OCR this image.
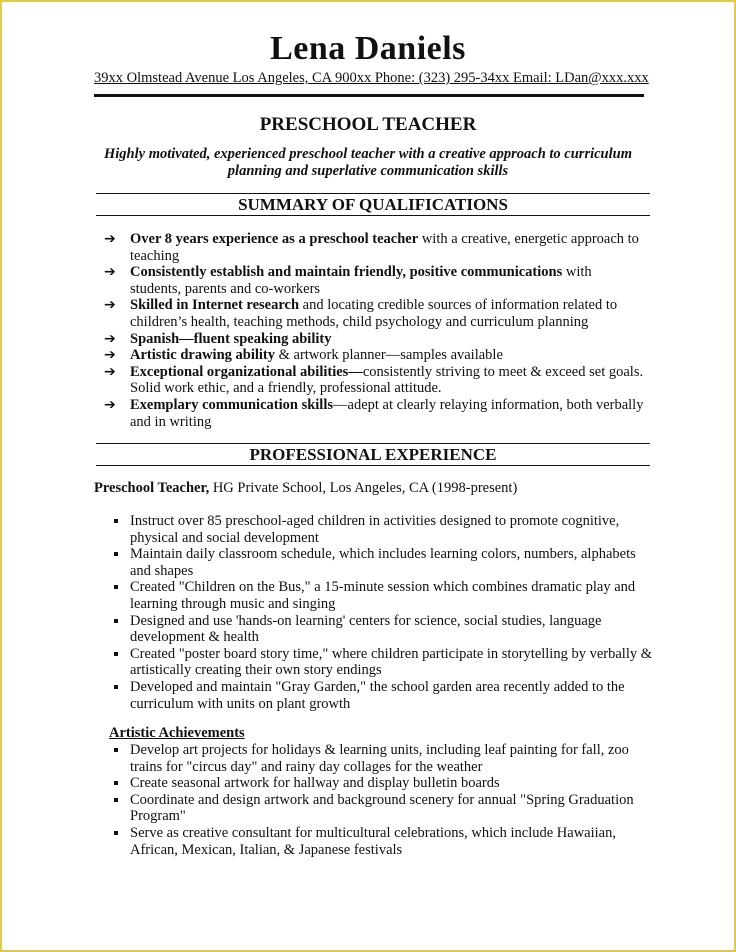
Lena Daniels
39xx Olmstead Avenue Los Angeles, CA 900xx Phone: (323) 295-34xx Email: LDan@xxx.xxx
PRESCHOOL TEACHER
Highly motivated, experienced preschool teacher with a creative approach to curriculum planning and superlative communication skills
SUMMARY OF QUALIFICATIONS
➔ Over 8 years experience as a preschool teacher with a creative, energetic approach to teaching
➔ Consistently establish and maintain friendly, positive communications with students, parents and co-workers
➔ Skilled in Internet research and locating credible sources of information related to children’s health, teaching methods, child psychology and curriculum planning
➔ Spanish—fluent speaking ability
➔ Artistic drawing ability & artwork planner—samples available
➔ Exceptional organizational abilities—consistently striving to meet & exceed set goals. Solid work ethic, and a friendly, professional attitude.
➔ Exemplary communication skills—adept at clearly relaying information, both verbally and in writing
PROFESSIONAL EXPERIENCE
Preschool Teacher, HG Private School, Los Angeles, CA (1998-present)
Instruct over 85 preschool-aged children in activities designed to promote cognitive, physical and social development
Maintain daily classroom schedule, which includes learning colors, numbers, alphabets and shapes
Created "Children on the Bus," a 15-minute session which combines dramatic play and learning through music and singing
Designed and use 'hands-on learning' centers for science, social studies, language development & health
Created "poster board story time," where children participate in storytelling by verbally & artistically creating their own story endings
Developed and maintain "Gray Garden," the school garden area recently added to the curriculum with units on plant growth
Artistic Achievements
Develop art projects for holidays & learning units, including leaf painting for fall, zoo trains for "circus day" and rainy day collages for the weather
Create seasonal artwork for hallway and display bulletin boards
Coordinate and design artwork and background scenery for annual "Spring Graduation Program"
Serve as creative consultant for multicultural celebrations, which include Hawaiian, African, Mexican, Italian, & Japanese festivals
